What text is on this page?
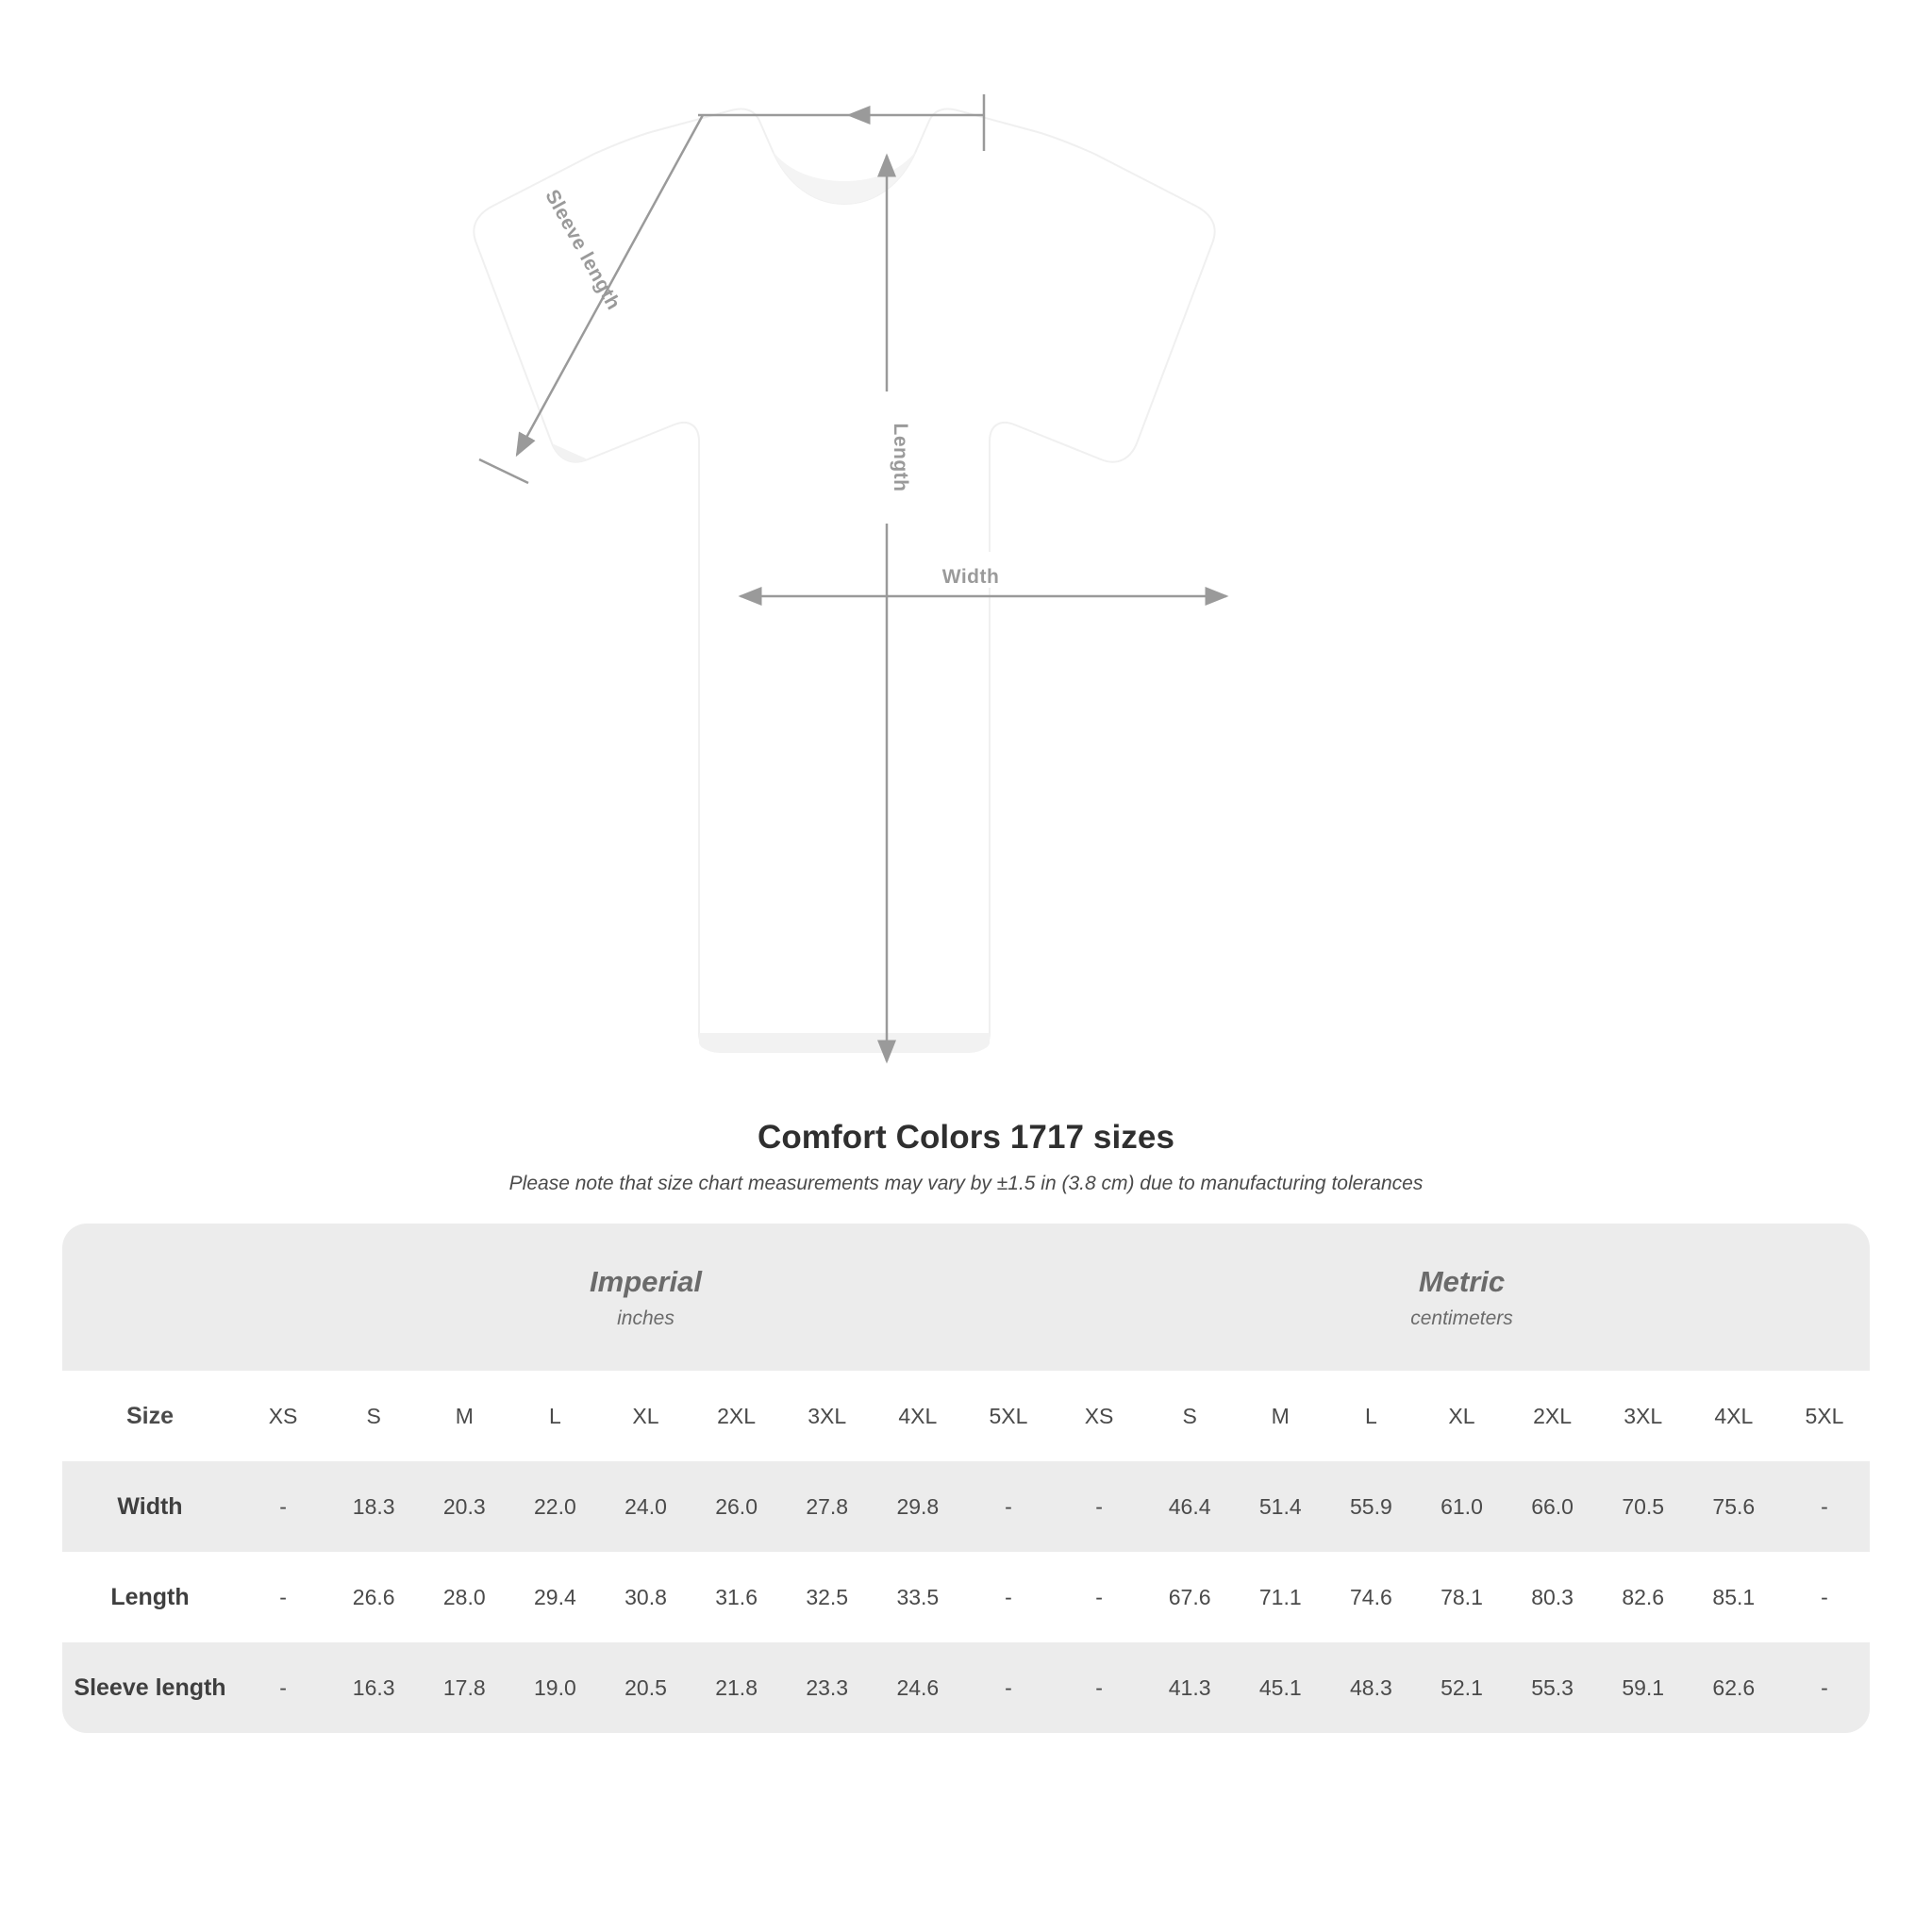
Sleeve length
Length
Width
Comfort Colors 1717 sizes
Please note that size chart measurements may vary by ±1.5 in (3.8 cm) due to manufacturing tolerances

Imperial
inches

Metric
centimeters

Size	XS	S	M	L	XL	2XL	3XL	4XL	5XL	XS	S	M	L	XL	2XL	3XL	4XL	5XL
Width	-	18.3	20.3	22.0	24.0	26.0	27.8	29.8	-	-	46.4	51.4	55.9	61.0	66.0	70.5	75.6	-
Length	-	26.6	28.0	29.4	30.8	31.6	32.5	33.5	-	-	67.6	71.1	74.6	78.1	80.3	82.6	85.1	-
Sleeve length	-	16.3	17.8	19.0	20.5	21.8	23.3	24.6	-	-	41.3	45.1	48.3	52.1	55.3	59.1	62.6	-
